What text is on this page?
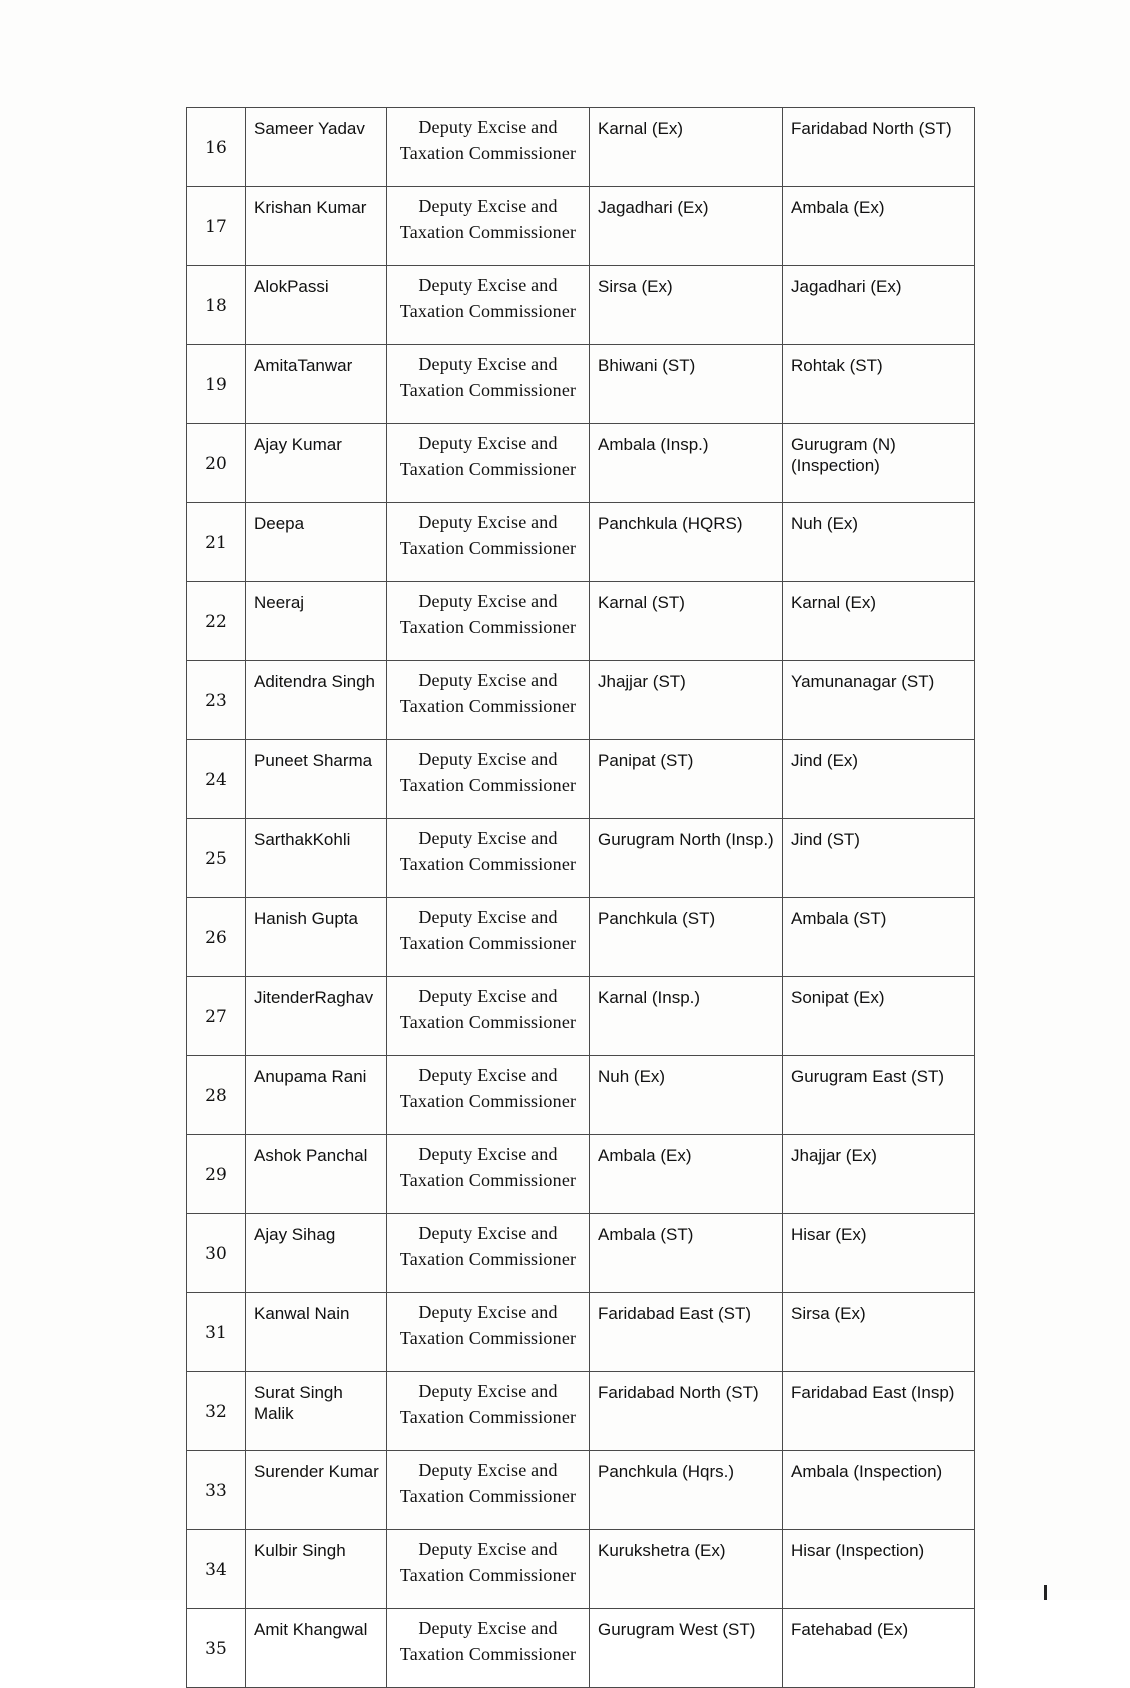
16	Sameer Yadav	Deputy Excise and
Taxation Commissioner	Karnal (Ex)	Faridabad North (ST)
17	Krishan Kumar	Deputy Excise and
Taxation Commissioner	Jagadhari (Ex)	Ambala (Ex)
18	AlokPassi	Deputy Excise and
Taxation Commissioner	Sirsa (Ex)	Jagadhari (Ex)
19	AmitaTanwar	Deputy Excise and
Taxation Commissioner	Bhiwani (ST)	Rohtak (ST)
20	Ajay Kumar	Deputy Excise and
Taxation Commissioner	Ambala (Insp.)	Gurugram (N) (Inspection)
21	Deepa	Deputy Excise and
Taxation Commissioner	Panchkula (HQRS)	Nuh (Ex)
22	Neeraj	Deputy Excise and
Taxation Commissioner	Karnal (ST)	Karnal (Ex)
23	Aditendra Singh	Deputy Excise and
Taxation Commissioner	Jhajjar (ST)	Yamunanagar (ST)
24	Puneet Sharma	Deputy Excise and
Taxation Commissioner	Panipat (ST)	Jind (Ex)
25	SarthakKohli	Deputy Excise and
Taxation Commissioner	Gurugram North (Insp.)	Jind (ST)
26	Hanish Gupta	Deputy Excise and
Taxation Commissioner	Panchkula (ST)	Ambala (ST)
27	JitenderRaghav	Deputy Excise and
Taxation Commissioner	Karnal (Insp.)	Sonipat (Ex)
28	Anupama Rani	Deputy Excise and
Taxation Commissioner	Nuh (Ex)	Gurugram East (ST)
29	Ashok Panchal	Deputy Excise and
Taxation Commissioner	Ambala (Ex)	Jhajjar (Ex)
30	Ajay Sihag	Deputy Excise and
Taxation Commissioner	Ambala (ST)	Hisar (Ex)
31	Kanwal Nain	Deputy Excise and
Taxation Commissioner	Faridabad East (ST)	Sirsa (Ex)
32	Surat Singh Malik	Deputy Excise and
Taxation Commissioner	Faridabad North (ST)	Faridabad East (Insp)
33	Surender Kumar	Deputy Excise and
Taxation Commissioner	Panchkula (Hqrs.)	Ambala (Inspection)
34	Kulbir Singh	Deputy Excise and
Taxation Commissioner	Kurukshetra (Ex)	Hisar (Inspection)
35	Amit Khangwal	Deputy Excise and
Taxation Commissioner	Gurugram West (ST)	Fatehabad (Ex)
